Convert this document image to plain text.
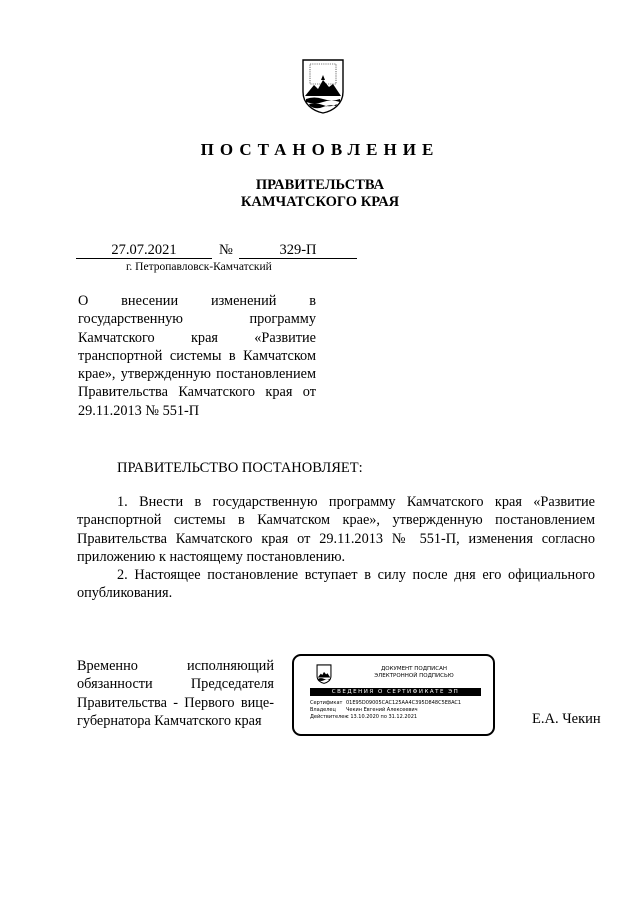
ПОСТАНОВЛЕНИЕ
ПРАВИТЕЛЬСТВА
КАМЧАТСКОГО КРАЯ
27.07.2021	№	329-П
г. Петропавловск-Камчатский
О внесении изменений в государственную программу Камчатского края «Развитие транспортной системы в Камчатском крае», утвержденную постановлением Правительства Камчатского края от 29.11.2013 № 551-П
ПРАВИТЕЛЬСТВО ПОСТАНОВЛЯЕТ:

1. Внести в государственную программу Камчатского края «Развитие транспортной системы в Камчатском крае», утвержденную постановлением Правительства Камчатского края от 29.11.2013 № 551-П, изменения согласно приложению к настоящему постановлению.

2. Настоящее постановление вступает в силу после дня его официального опубликования.

Временно исполняющий обязанности Председателя Правительства - Первого вице-губернатора Камчатского края
ДОКУМЕНТ ПОДПИСАН
ЭЛЕКТРОННОЙ ПОДПИСЬЮ
СВЕДЕНИЯ О СЕРТИФИКАТЕ ЭП
Сертификат 01E95D09005CAC125AA4C395D848C5E8AC1
Владелец	Чекин Евгений Алексеевич
Действителен
с 13.10.2020 по 31.12.2021	Е.А. Чекин
